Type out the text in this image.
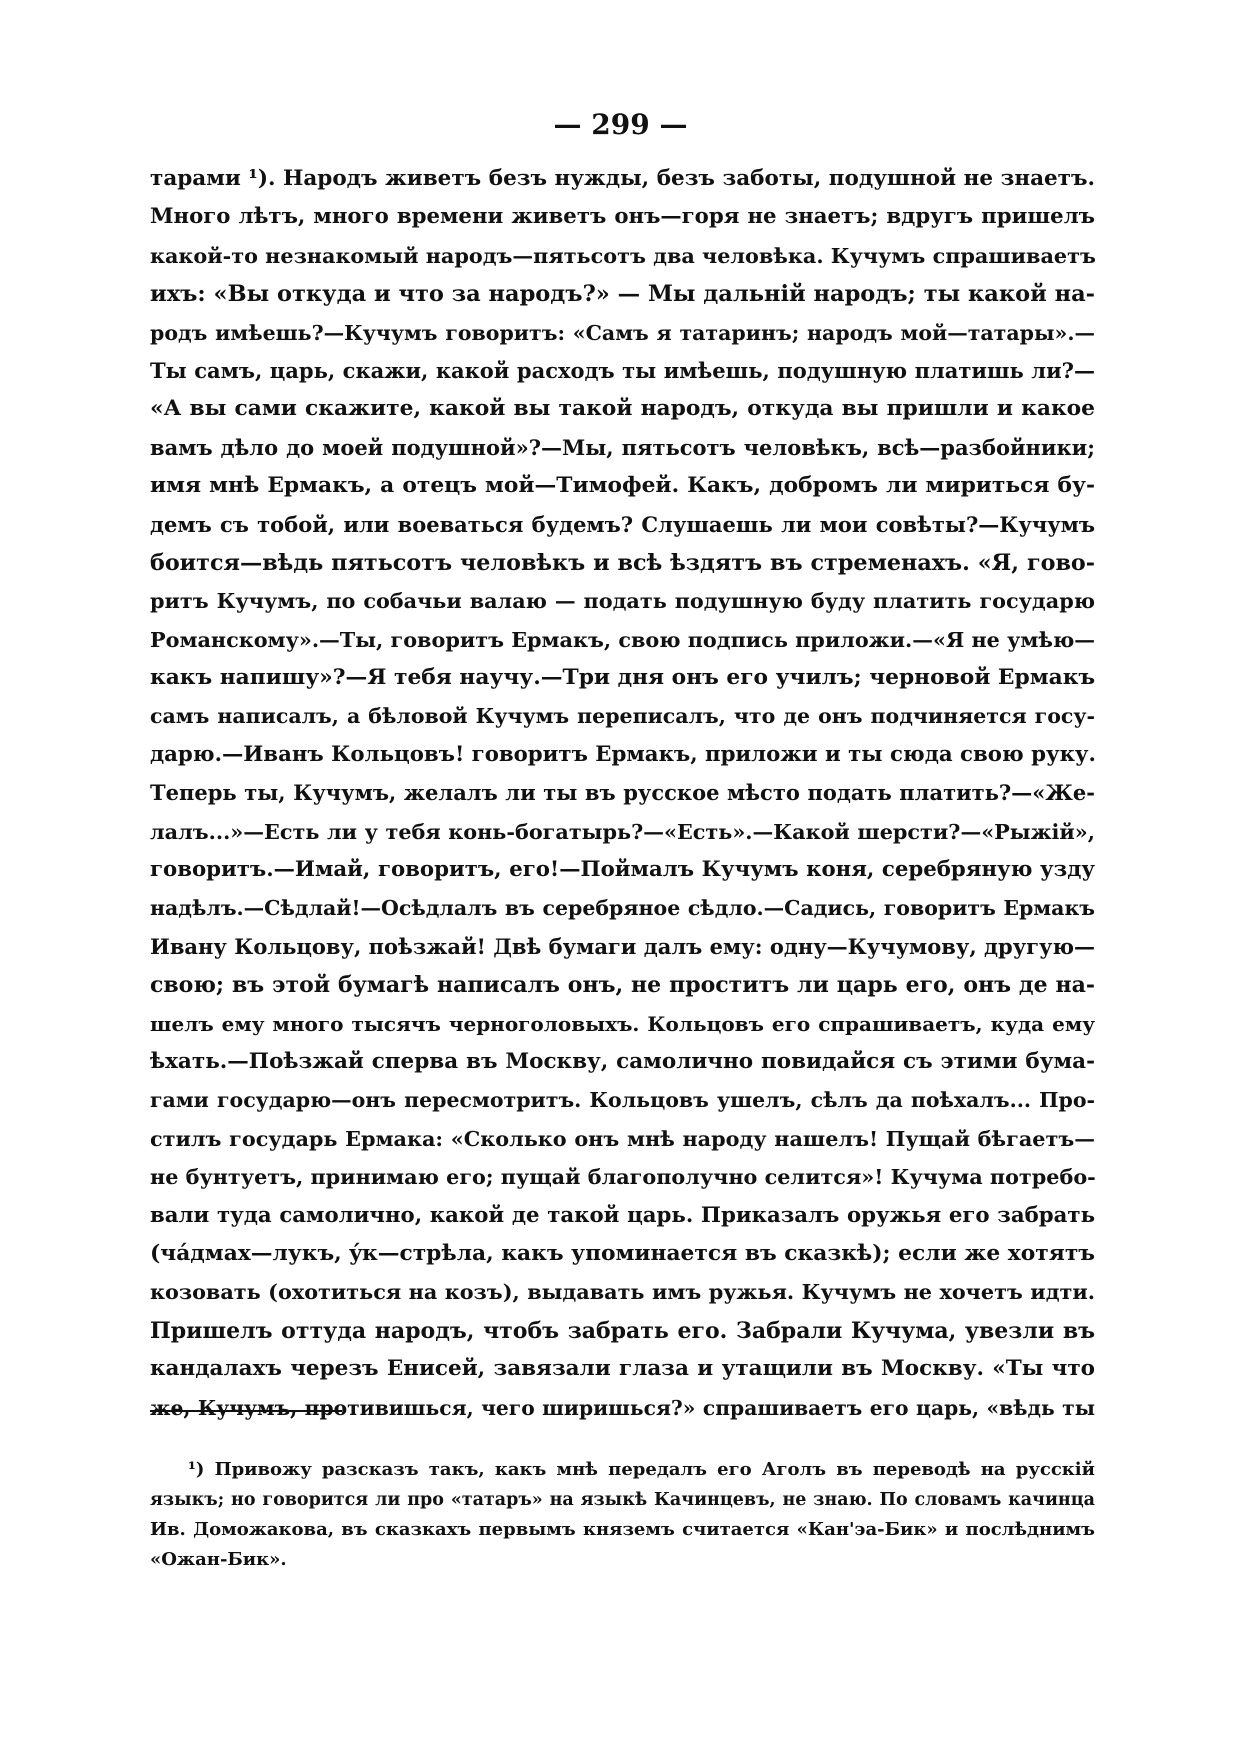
— 299 —
тарами ¹). Народъ живетъ безъ нужды, безъ заботы, подушной не знаетъ.
Много лѣтъ, много времени живетъ онъ—горя не знаетъ; вдругъ пришелъ
какой-то незнакомый народъ—пятьсотъ два человѣка. Кучумъ спрашиваетъ
ихъ: «Вы откуда и что за народъ?» — Мы дальній народъ; ты какой на-
родъ имѣешь?—Кучумъ говоритъ: «Самъ я татаринъ; народъ мой—татары».—
Ты самъ, царь, скажи, какой расходъ ты имѣешь, подушную платишь ли?—
«А вы сами скажите, какой вы такой народъ, откуда вы пришли и какое
вамъ дѣло до моей подушной»?—Мы, пятьсотъ человѣкъ, всѣ—разбойники;
имя мнѣ Ермакъ, а отецъ мой—Тимофей. Какъ, добромъ ли мириться бу-
демъ съ тобой, или воеваться будемъ? Слушаешь ли мои совѣты?—Кучумъ
боится—вѣдь пятьсотъ человѣкъ и всѣ ѣздятъ въ стременахъ. «Я, гово-
ритъ Кучумъ, по собачьи валаю — подать подушную буду платить государю
Романскому».—Ты, говоритъ Ермакъ, свою подпись приложи.—«Я не умѣю—
какъ напишу»?—Я тебя научу.—Три дня онъ его училъ; черновой Ермакъ
самъ написалъ, а бѣловой Кучумъ переписалъ, что де онъ подчиняется госу-
дарю.—Иванъ Кольцовъ! говоритъ Ермакъ, приложи и ты сюда свою руку.
Теперь ты, Кучумъ, желалъ ли ты въ русское мѣсто подать платить?—«Же-
лалъ...»—Есть ли у тебя конь-богатырь?—«Есть».—Какой шерсти?—«Рыжій»,
говоритъ.—Имай, говоритъ, его!—Поймалъ Кучумъ коня, серебряную узду
надѣлъ.—Сѣдлай!—Осѣдлалъ въ серебряное сѣдло.—Садись, говоритъ Ермакъ
Ивану Кольцову, поѣзжай! Двѣ бумаги далъ ему: одну—Кучумову, другую—
свою; въ этой бумагѣ написалъ онъ, не проститъ ли царь его, онъ де на-
шелъ ему много тысячъ черноголовыхъ. Кольцовъ его спрашиваетъ, куда ему
ѣхать.—Поѣзжай сперва въ Москву, самолично повидайся съ этими бума-
гами государю—онъ пересмотритъ. Кольцовъ ушелъ, сѣлъ да поѣхалъ... Про-
стилъ государь Ермака: «Сколько онъ мнѣ народу нашелъ! Пущай бѣгаетъ—
не бунтуетъ, принимаю его; пущай благополучно селится»! Кучума потребо-
вали туда самолично, какой де такой царь. Приказалъ оружья его забрать
(чáдмах—лукъ, ýк—стрѣла, какъ упоминается въ сказкѣ); если же хотятъ
козовать (охотиться на козъ), выдавать имъ ружья. Кучумъ не хочетъ идти.
Пришелъ оттуда народъ, чтобъ забрать его. Забрали Кучума, увезли въ
кандалахъ черезъ Енисей, завязали глаза и утащили въ Москву. «Ты что
же, Кучумъ, противишься, чего ширишься?» спрашиваетъ его царь, «вѣдь ты
¹) Привожу разсказъ такъ, какъ мнѣ передалъ его Аголъ въ переводѣ на русскій
языкъ; но говорится ли про «татаръ» на языкѣ Качинцевъ, не знаю. По словамъ качинца
Ив. Доможакова, въ сказкахъ первымъ княземъ считается «Кан'эа-Бик» и послѣднимъ
«Ожан-Бик».
